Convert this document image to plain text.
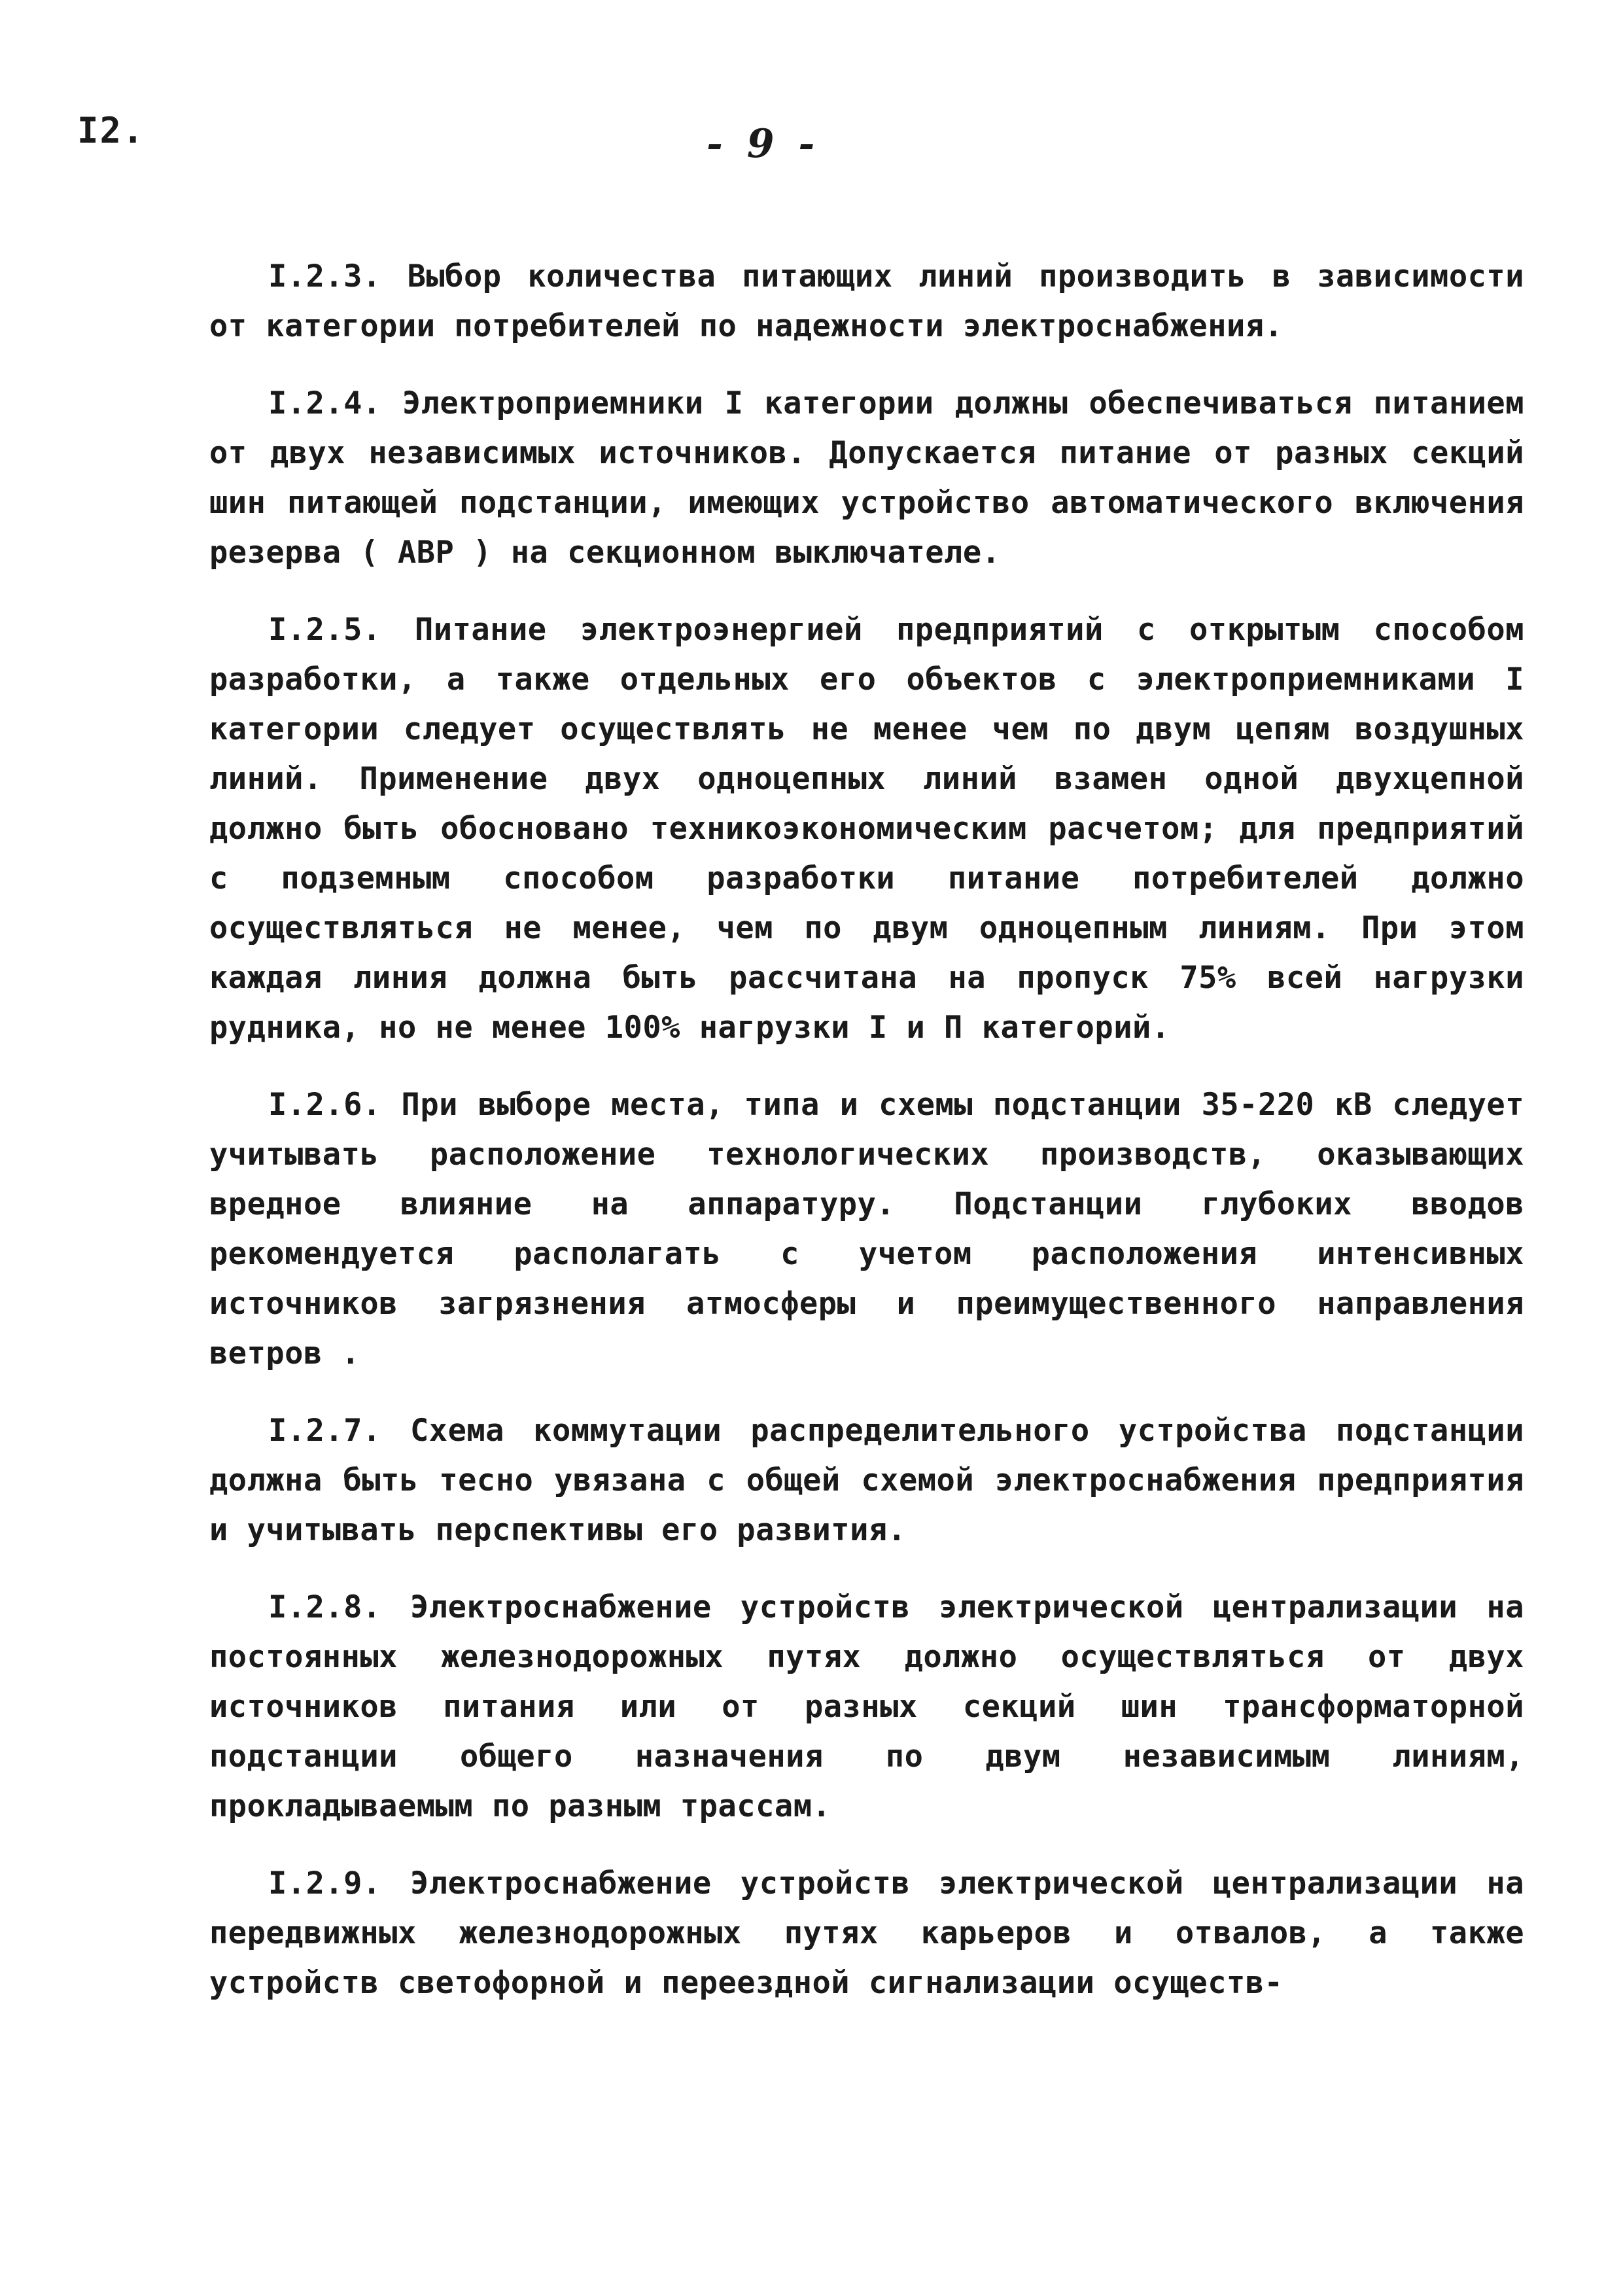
I2.	- 9 -

I.2.3. Выбор количества питающих линий производить в зависимости от категории потребителей по надежности электроснабжения.

I.2.4. Электроприемники I категории должны обеспечиваться питанием от двух независимых источников. Допускается питание от разных секций шин питающей подстанции, имеющих устройство автоматического включения резерва ( АВР ) на секционном выключателе.

I.2.5. Питание электроэнергией предприятий с открытым способом разработки, а также отдельных его объектов с электроприемниками I категории следует осуществлять не менее чем по двум цепям воздушных линий. Применение двух одноцепных линий взамен одной двухцепной должно быть обосновано техникоэкономическим расчетом; для предприятий с подземным способом разработки питание потребителей должно осуществляться не менее, чем по двум одноцепным линиям. При этом каждая линия должна быть рассчитана на пропуск 75% всей нагрузки рудника, но не менее 100% нагрузки I и П категорий.

I.2.6. При выборе места, типа и схемы подстанции 35-220 кВ следует учитывать расположение технологических производств, оказывающих вредное влияние на аппаратуру. Подстанции глубоких вводов рекомендуется располагать с учетом расположения интенсивных источников загрязнения атмосферы и преимущественного направления ветров .

I.2.7. Схема коммутации распределительного устройства подстанции должна быть тесно увязана с общей схемой электроснабжения предприятия и учитывать перспективы его развития.

I.2.8. Электроснабжение устройств электрической централизации на постоянных железнодорожных путях должно осуществляться от двух источников питания или от разных секций шин трансформаторной подстанции общего назначения по двум независимым линиям, прокладываемым по разным трассам.

I.2.9. Электроснабжение устройств электрической централизации на передвижных железнодорожных путях карьеров и отвалов, а также устройств светофорной и переездной сигнализации осуществ-
